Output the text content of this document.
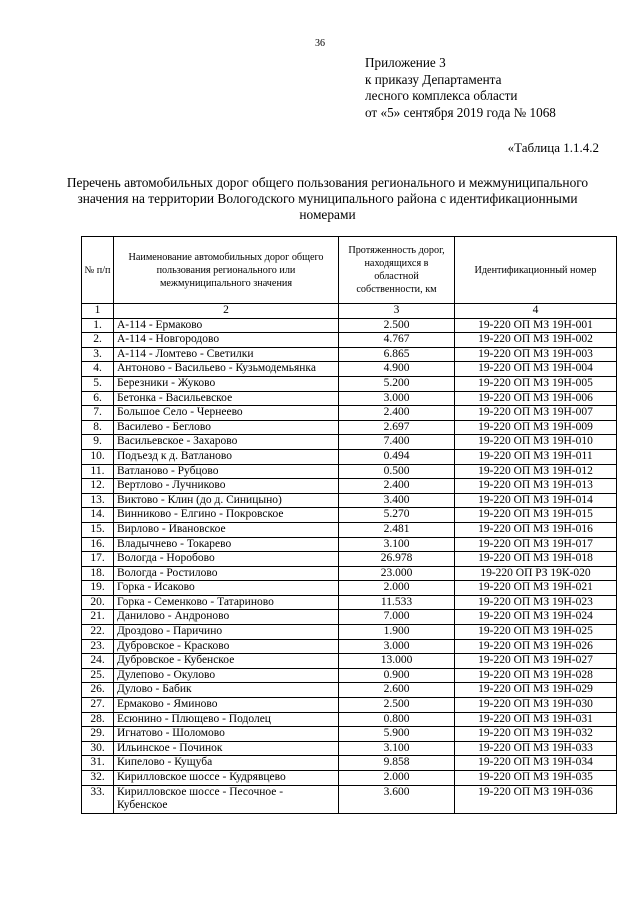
36
Приложение 3
к приказу Департамента
лесного комплекса области
от «5» сентября 2019 года № 1068
«Таблица 1.1.4.2
Перечень автомобильных дорог общего пользования регионального и межмуниципального значения на территории Вологодского муниципального района с идентификационными номерами
№ п/п	Наименование автомобильных дорог общего пользования регионального или межмуниципального значения	Протяженность дорог, находящихся в областной собственности, км	Идентификационный номер
1	2	3	4
1.	А-114 - Ермаково	2.500	19-220 ОП МЗ 19Н-001
2.	А-114 - Новгородово	4.767	19-220 ОП МЗ 19Н-002
3.	А-114 - Ломтево - Светилки	6.865	19-220 ОП МЗ 19Н-003
4.	Антоново - Васильево - Кузьмодемьянка	4.900	19-220 ОП МЗ 19Н-004
5.	Березники - Жуково	5.200	19-220 ОП МЗ 19Н-005
6.	Бетонка - Васильевское	3.000	19-220 ОП МЗ 19Н-006
7.	Большое Село - Чернеево	2.400	19-220 ОП МЗ 19Н-007
8.	Василево - Беглово	2.697	19-220 ОП МЗ 19Н-009
9.	Васильевское - Захарово	7.400	19-220 ОП МЗ 19Н-010
10.	Подъезд к д. Ватланово	0.494	19-220 ОП МЗ 19Н-011
11.	Ватланово - Рубцово	0.500	19-220 ОП МЗ 19Н-012
12.	Вертлово - Лучниково	2.400	19-220 ОП МЗ 19Н-013
13.	Виктово - Клин (до д. Синицыно)	3.400	19-220 ОП МЗ 19Н-014
14.	Винниково - Елгино - Покровское	5.270	19-220 ОП МЗ 19Н-015
15.	Вирлово - Ивановское	2.481	19-220 ОП МЗ 19Н-016
16.	Владычнево - Токарево	3.100	19-220 ОП МЗ 19Н-017
17.	Вологда - Норобово	26.978	19-220 ОП МЗ 19Н-018
18.	Вологда - Ростилово	23.000	19-220 ОП РЗ 19К-020
19.	Горка - Исаково	2.000	19-220 ОП МЗ 19Н-021
20.	Горка - Семенково - Татариново	11.533	19-220 ОП МЗ 19Н-023
21.	Данилово - Андроново	7.000	19-220 ОП МЗ 19Н-024
22.	Дроздово - Паричино	1.900	19-220 ОП МЗ 19Н-025
23.	Дубровское - Красково	3.000	19-220 ОП МЗ 19Н-026
24.	Дубровское - Кубенское	13.000	19-220 ОП МЗ 19Н-027
25.	Дулепово - Окулово	0.900	19-220 ОП МЗ 19Н-028
26.	Дулово - Бабик	2.600	19-220 ОП МЗ 19Н-029
27.	Ермаково - Яминово	2.500	19-220 ОП МЗ 19Н-030
28.	Есюнино - Плющево - Подолец	0.800	19-220 ОП МЗ 19Н-031
29.	Игнатово - Шоломово	5.900	19-220 ОП МЗ 19Н-032
30.	Ильинское - Починок	3.100	19-220 ОП МЗ 19Н-033
31.	Кипелово - Кущуба	9.858	19-220 ОП МЗ 19Н-034
32.	Кирилловское шоссе - Кудрявцево	2.000	19-220 ОП МЗ 19Н-035
33.	Кирилловское шоссе - Песочное - Кубенское	3.600	19-220 ОП МЗ 19Н-036
